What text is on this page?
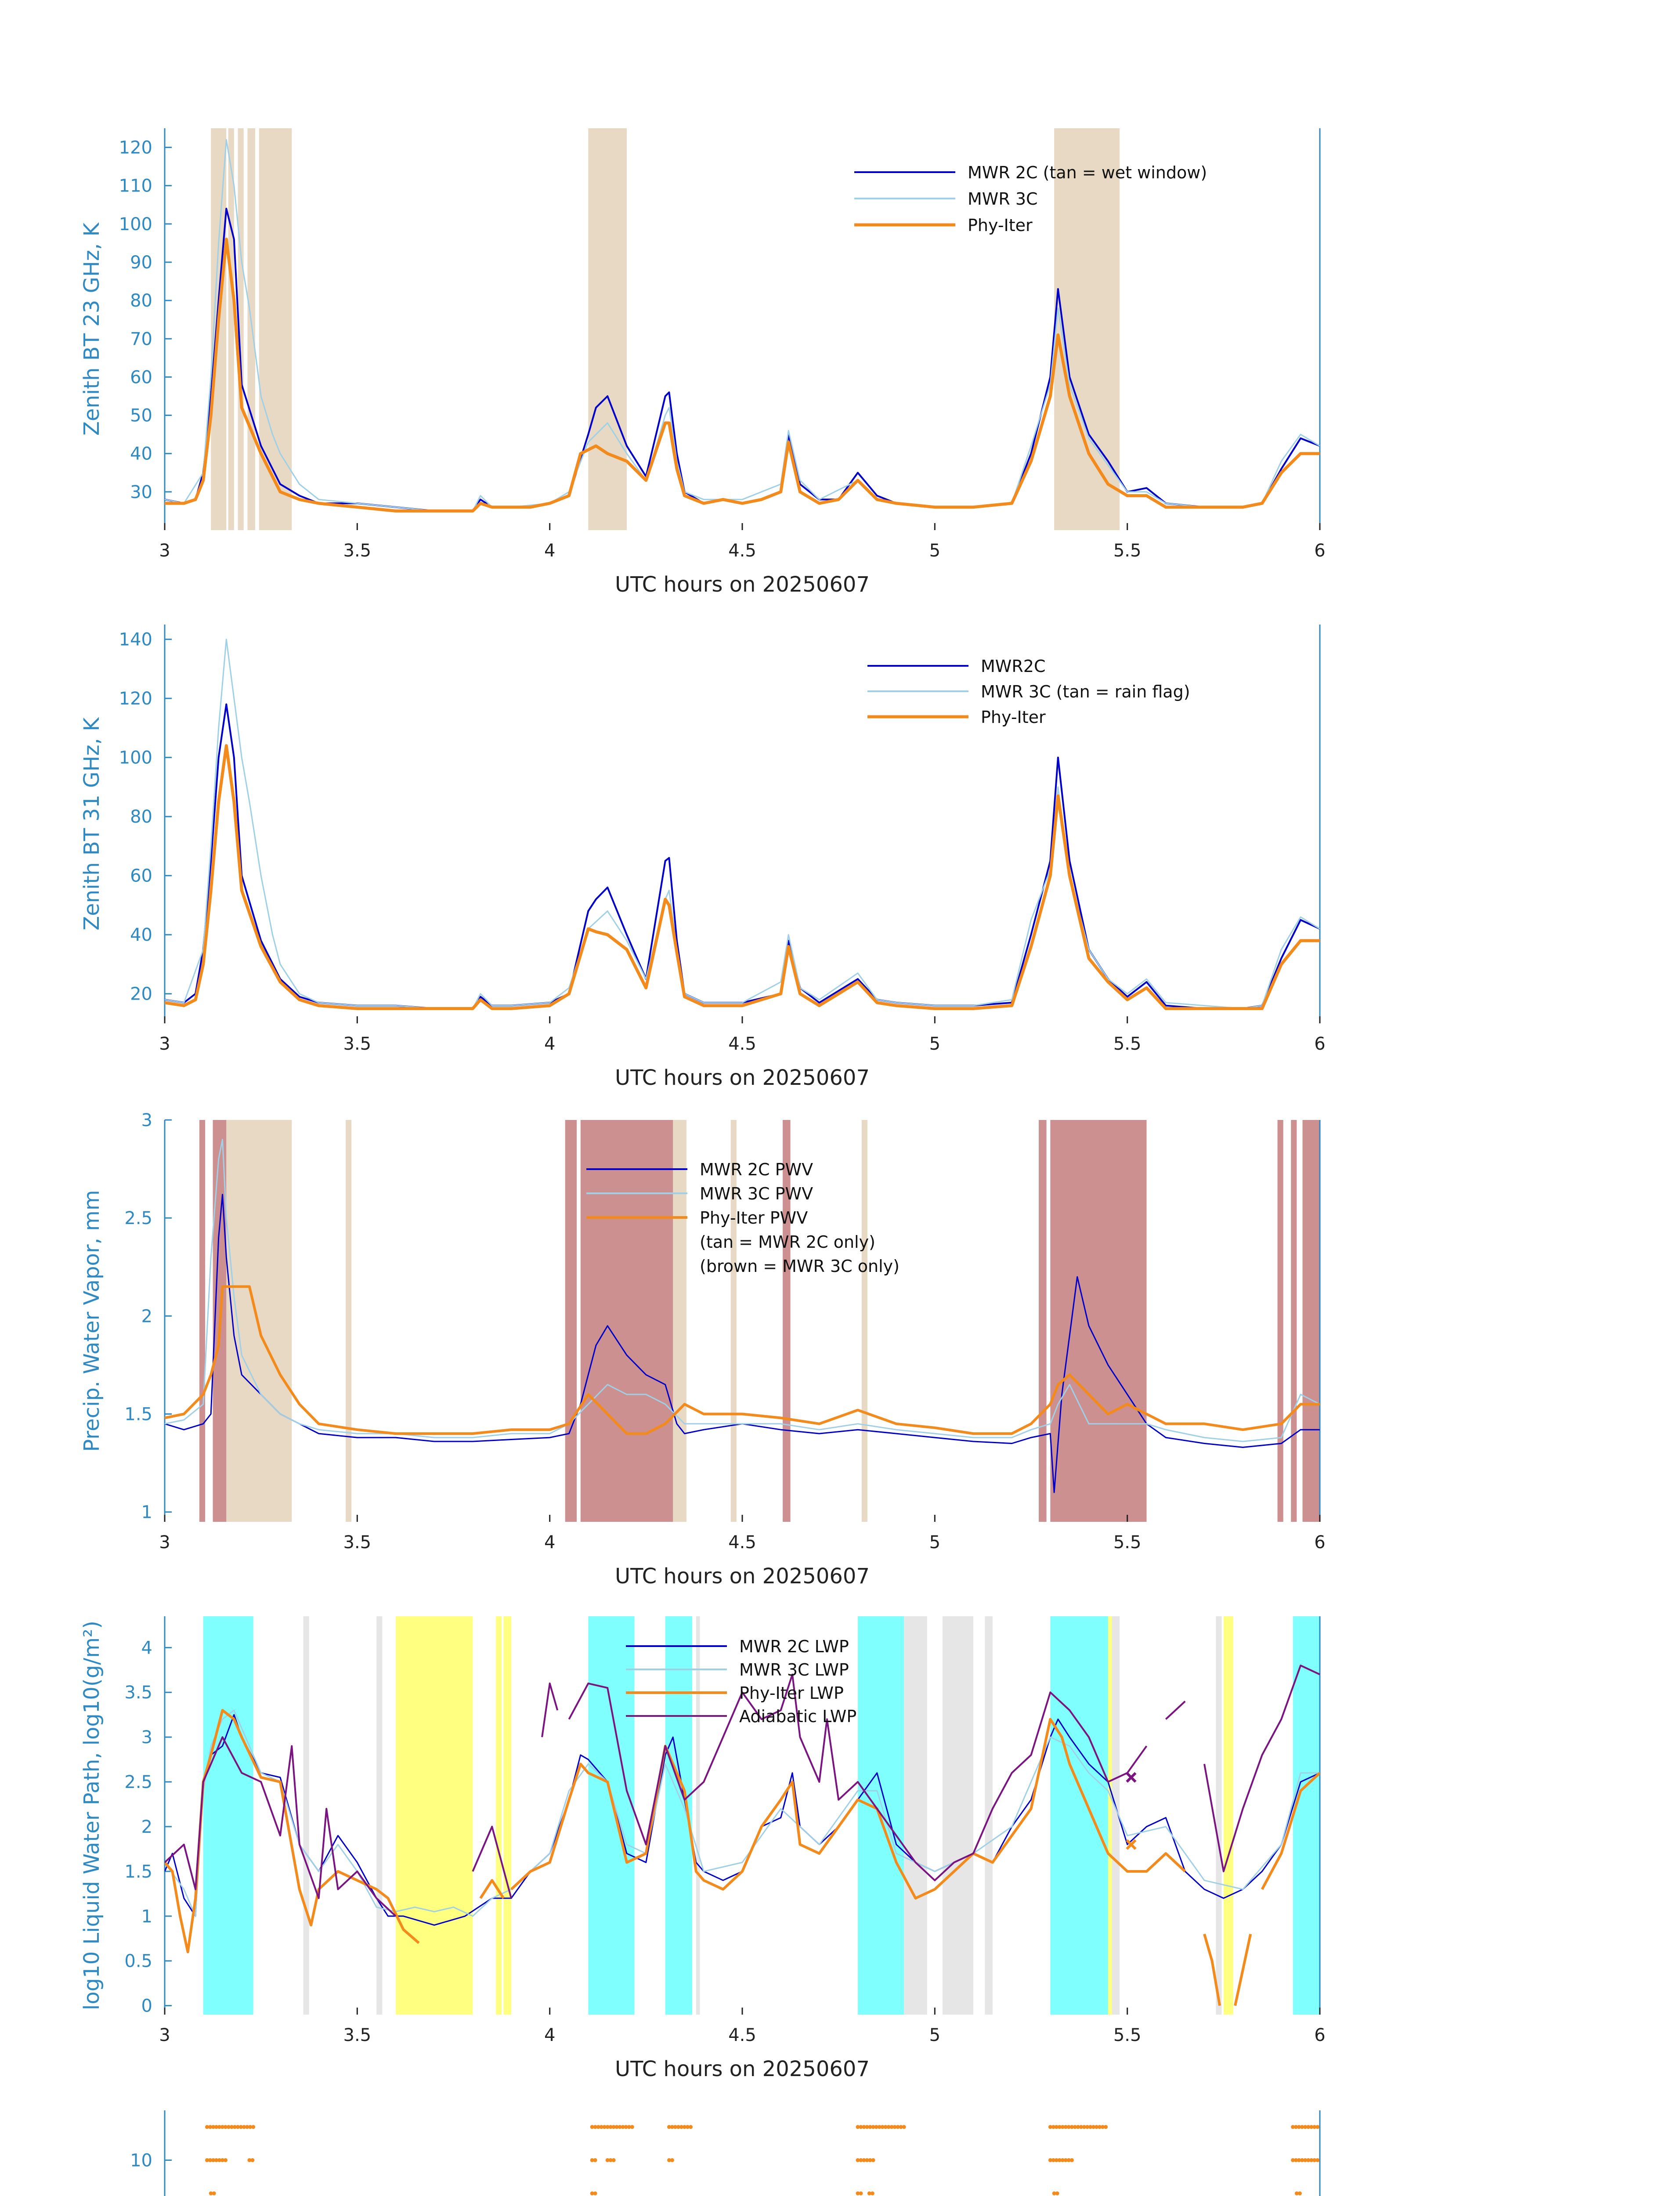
3	3.5	4	4.5	5	5.5	6
30
40
50
60
70
80
90
100
110
120
UTC hours on 20250607
Zenith BT 23 GHz, K
MWR 2C (tan = wet window)
MWR 3C
Phy-Iter
3	3.5	4	4.5	5	5.5	6
20
40
60
80
100
120
140
UTC hours on 20250607
Zenith BT 31 GHz, K
MWR2C
MWR 3C (tan = rain flag)
Phy-Iter
3	3.5	4	4.5	5	5.5	6
1
1.5
2
2.5
3
UTC hours on 20250607
Precip. Water Vapor, mm
MWR 2C PWV
MWR 3C PWV
Phy-Iter PWV
(tan = MWR 2C only)
(brown = MWR 3C only)
3	3.5	4	4.5	5	5.5	6
0
0.5
1
1.5
2
2.5
3
3.5
4
UTC hours on 20250607
log10 Liquid Water Path, log10(g/m²)	MWR 2C LWP
MWR 3C LWP
Phy-Iter LWP
Adiabatic LWP
10
